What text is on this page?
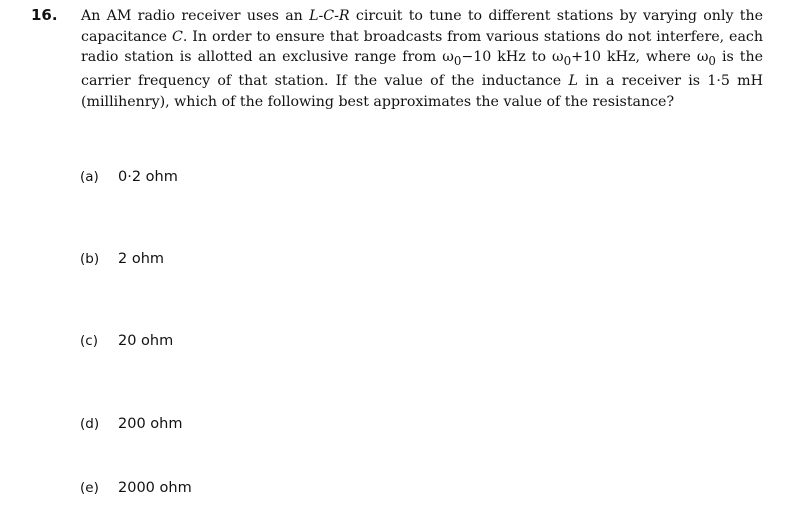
16. An AM radio receiver uses an L-C-R circuit to tune to different stations by varying only the capacitance C. In order to ensure that broadcasts from various stations do not interfere, each radio station is allotted an exclusive range from $\omega_0-10$ kHz to $\omega_0+10$ kHz, where $\omega_0$ is the carrier frequency of that station. If the value of the inductance L in a receiver is 1·5 mH (millihenry), which of the following best approximates the value of the resistance?

(a) 0·2 ohm
(b) 2 ohm
(c) 20 ohm
(d) 200 ohm
(e) 2000 ohm
